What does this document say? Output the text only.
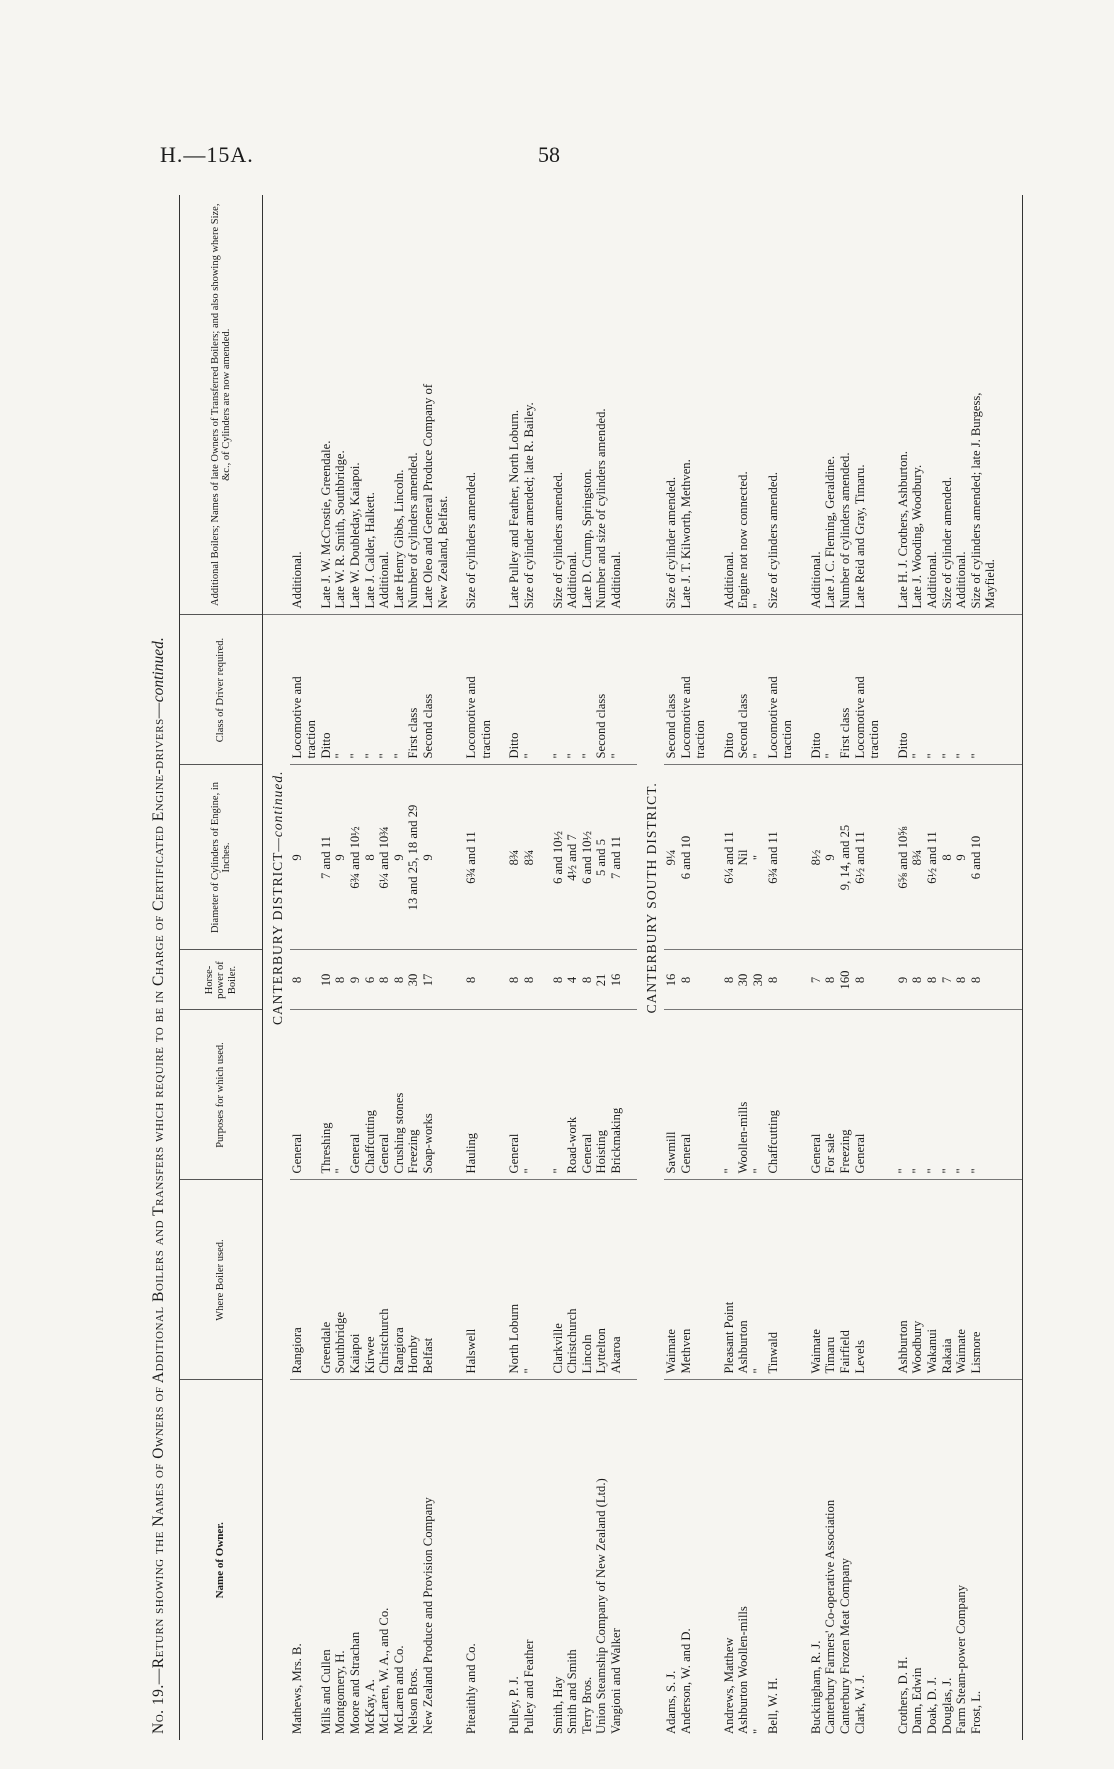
H.—15A.	58
No. 19.—Return showing the Names of Owners of Additional Boilers and Transfers which require to be in Charge of Certificated Engine-drivers—continued.
Name of Owner.	Where Boiler used.	Purposes for which used.	Horse-power of Boiler.	Diameter of Cylinders of Engine, in Inches.	Class of Driver required.	Additional Boilers; Names of late Owners of Transferred Boilers; and also showing where Size, &c., of Cylinders are now amended.
		CANTERBURY DISTRICT—continued.				
Mathews, Mrs. B.	Rangiora	General	8	9	Locomotive and	Additional.
					traction	
Mills and Cullen	Greendale	Threshing	10	7 and 11	Ditto	Late J. W. McCrostie, Greendale.
Montgomery, H.	Southbridge	"	8	9	"	Late W. R. Smith, Southbridge.
Moore and Strachan	Kaiapoi	General	9	6¾ and 10½	"	Late W. Doubleday, Kaiapoi.
McKay, A.	Kirwee	Chaffcutting	6	8	"	Late J. Calder, Halkett.
McLaren, W. A., and Co.	Christchurch	General	8	6¼ and 10¾	"	Additional.
McLaren and Co.	Rangiora	Crushing stones	8	9	"	Late Henry Gibbs, Lincoln.
Nelson Bros.	Hornby	Freezing	30	13 and 25, 18 and 29	First class	Number of cylinders amended.
New Zealand Produce and Provision Company	Belfast	Soap-works	17	9	Second class	Late Oleo and General Produce Company of
						New Zealand, Belfast.

Piteaithly and Co.	Halswell	Hauling	8	6¾ and 11	Locomotive and	Size of cylinders amended.
					traction	

Pulley, P. J.	North Loburn	General	8	8¾	Ditto	Late Pulley and Feather, North Loburn.
Pulley and Feather	"	"	8	8¾	"	Size of cylinder amended; late R. Bailey.

Smith, Hay	Clarkville	"	8	6 and 10½	"	Size of cylinders amended.
Smith and Smith	Christchurch	Road-work	4	4½ and 7	"	Additional.
Terry Bros.	Lincoln	General	8	6 and 10½	"	Late D. Crump, Springston.
Union Steamship Company of New Zealand (Ltd.)	Lyttelton	Hoisting	21	5 and 5	Second class	Number and size of cylinders amended.
Vangioni and Walker	Akaroa	Brickmaking	16	7 and 11	"	Additional.

		CANTERBURY SOUTH DISTRICT.				
Adams, S. J.	Waimate	Sawmill	16	9¼	Second class	Size of cylinder amended.
Anderson, W. and D.	Methven	General	8	6 and 10	Locomotive and	Late J. T. Kilworth, Methven.
					traction	

Andrews, Matthew	Pleasant Point	"	8	6¼ and 11	Ditto	Additional.
Ashburton Woollen-mills	Ashburton	Woollen-mills	30	Nil	Second class	Engine not now connected.
"	"	"	30	"	"	"
Bell, W. H.	Tinwald	Chaffcutting	8	6¾ and 11	Locomotive and	Size of cylinders amended.
					traction	

Buckingham, R. J.	Waimate	General	7	8½	Ditto	Additional.
Canterbury Farmers' Co-operative Association	Timaru	For sale	8	9	"	Late J. C. Fleming, Geraldine.
Canterbury Frozen Meat Company	Fairfield	Freezing	160	9, 14, and 25	First class	Number of cylinders amended.
Clark, W. J.	Levels	General	8	6½ and 11	Locomotive and	Late Reid and Gray, Timaru.
					traction	

Crothers, D. H.	Ashburton	"	9	6⅝ and 10⅝	Ditto	Late H. J. Crothers, Ashburton.
Dann, Edwin	Woodbury	"	8	8¾	"	Late J. Wooding, Woodbury.
Doak, D. J.	Wakanui	"	8	6½ and 11	"	Additional.
Douglas, J.	Rakaia	"	7	8	"	Size of cylinder amended.
Farm Steam-power Company	Waimate	"	8	9	"	Additional.
Frost, L.	Lismore	"	8	6 and 10	"	Size of cylinders amended; late J. Burgess,
						Mayfield.
